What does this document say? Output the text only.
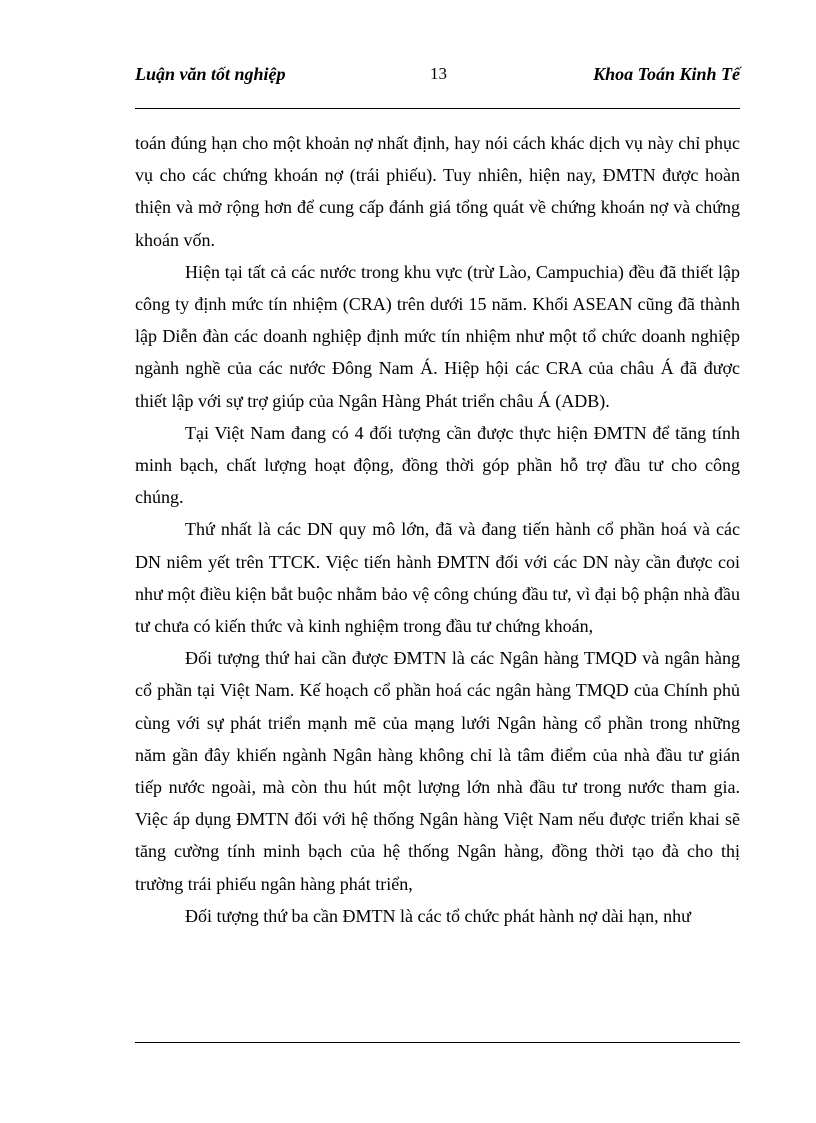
Luận văn tốt nghiệp	13	Khoa Toán Kinh Tế

toán đúng hạn cho một khoản nợ nhất định, hay nói cách khác dịch vụ này chỉ phục vụ cho các chứng khoán nợ (trái phiếu). Tuy nhiên, hiện nay, ĐMTN được hoàn thiện và mở rộng hơn để cung cấp đánh giá tổng quát về chứng khoán nợ và chứng khoán vốn.

Hiện tại tất cả các nước trong khu vực (trừ Lào, Campuchia) đều đã thiết lập công ty định mức tín nhiệm (CRA) trên dưới 15 năm. Khối ASEAN cũng đã thành lập Diễn đàn các doanh nghiệp định mức tín nhiệm như một tổ chức doanh nghiệp ngành nghề của các nước Đông Nam Á. Hiệp hội các CRA của châu Á đã được thiết lập với sự trợ giúp của Ngân Hàng Phát triển châu Á (ADB).

Tại Việt Nam đang có 4 đối tượng cần được thực hiện ĐMTN để tăng tính minh bạch, chất lượng hoạt động, đồng thời góp phần hỗ trợ đầu tư cho công chúng.

Thứ nhất là các DN quy mô lớn, đã và đang tiến hành cổ phần hoá và các DN niêm yết trên TTCK. Việc tiến hành ĐMTN đối với các DN này cần được coi như một điều kiện bắt buộc nhằm bảo vệ công chúng đầu tư, vì đại bộ phận nhà đầu tư chưa có kiến thức và kinh nghiệm trong đầu tư chứng khoán,

Đối tượng thứ hai cần được ĐMTN là các Ngân hàng TMQD và ngân hàng cổ phần tại Việt Nam. Kế hoạch cổ phần hoá các ngân hàng TMQD của Chính phủ cùng với sự phát triển mạnh mẽ của mạng lưới Ngân hàng cổ phần trong những năm gần đây khiến ngành Ngân hàng không chỉ là tâm điểm của nhà đầu tư gián tiếp nước ngoài, mà còn thu hút một lượng lớn nhà đầu tư trong nước tham gia. Việc áp dụng ĐMTN đối với hệ thống Ngân hàng Việt Nam nếu được triển khai sẽ tăng cường tính minh bạch của hệ thống Ngân hàng, đồng thời tạo đà cho thị trường trái phiếu ngân hàng phát triển,

Đối tượng thứ ba cần ĐMTN là các tổ chức phát hành nợ dài hạn, như
